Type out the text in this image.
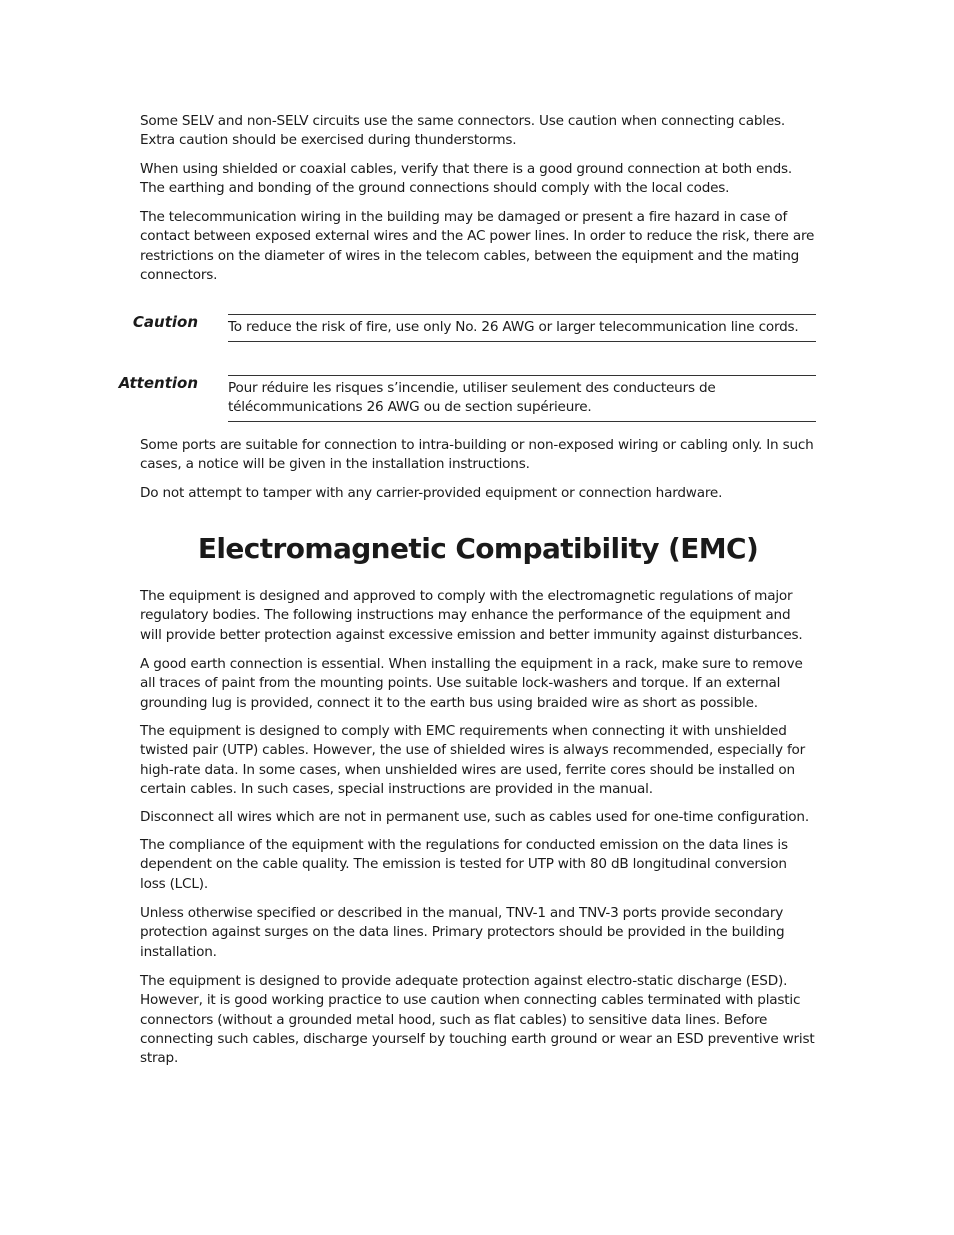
Some SELV and non-SELV circuits use the same connectors. Use caution when connecting cables. Extra caution should be exercised during thunderstorms.

When using shielded or coaxial cables, verify that there is a good ground connection at both ends. The earthing and bonding of the ground connections should comply with the local codes.

The telecommunication wiring in the building may be damaged or present a fire hazard in case of contact between exposed external wires and the AC power lines. In order to reduce the risk, there are restrictions on the diameter of wires in the telecom cables, between the equipment and the mating connectors.

Caution To reduce the risk of fire, use only No. 26 AWG or larger telecommunication line cords.

Attention Pour réduire les risques s’incendie, utiliser seulement des conducteurs de télécommunications 26 AWG ou de section supérieure.

Some ports are suitable for connection to intra-building or non-exposed wiring or cabling only. In such cases, a notice will be given in the installation instructions.

Do not attempt to tamper with any carrier-provided equipment or connection hardware.

Electromagnetic Compatibility (EMC)

The equipment is designed and approved to comply with the electromagnetic regulations of major regulatory bodies. The following instructions may enhance the performance of the equipment and will provide better protection against excessive emission and better immunity against disturbances.

A good earth connection is essential. When installing the equipment in a rack, make sure to remove all traces of paint from the mounting points. Use suitable lock-washers and torque. If an external grounding lug is provided, connect it to the earth bus using braided wire as short as possible.

The equipment is designed to comply with EMC requirements when connecting it with unshielded twisted pair (UTP) cables. However, the use of shielded wires is always recommended, especially for high-rate data. In some cases, when unshielded wires are used, ferrite cores should be installed on certain cables. In such cases, special instructions are provided in the manual.

Disconnect all wires which are not in permanent use, such as cables used for one-time configuration.

The compliance of the equipment with the regulations for conducted emission on the data lines is dependent on the cable quality. The emission is tested for UTP with 80 dB longitudinal conversion loss (LCL).

Unless otherwise specified or described in the manual, TNV-1 and TNV-3 ports provide secondary protection against surges on the data lines. Primary protectors should be provided in the building installation.

The equipment is designed to provide adequate protection against electro-static discharge (ESD). However, it is good working practice to use caution when connecting cables terminated with plastic connectors (without a grounded metal hood, such as flat cables) to sensitive data lines. Before connecting such cables, discharge yourself by touching earth ground or wear an ESD preventive wrist strap.
